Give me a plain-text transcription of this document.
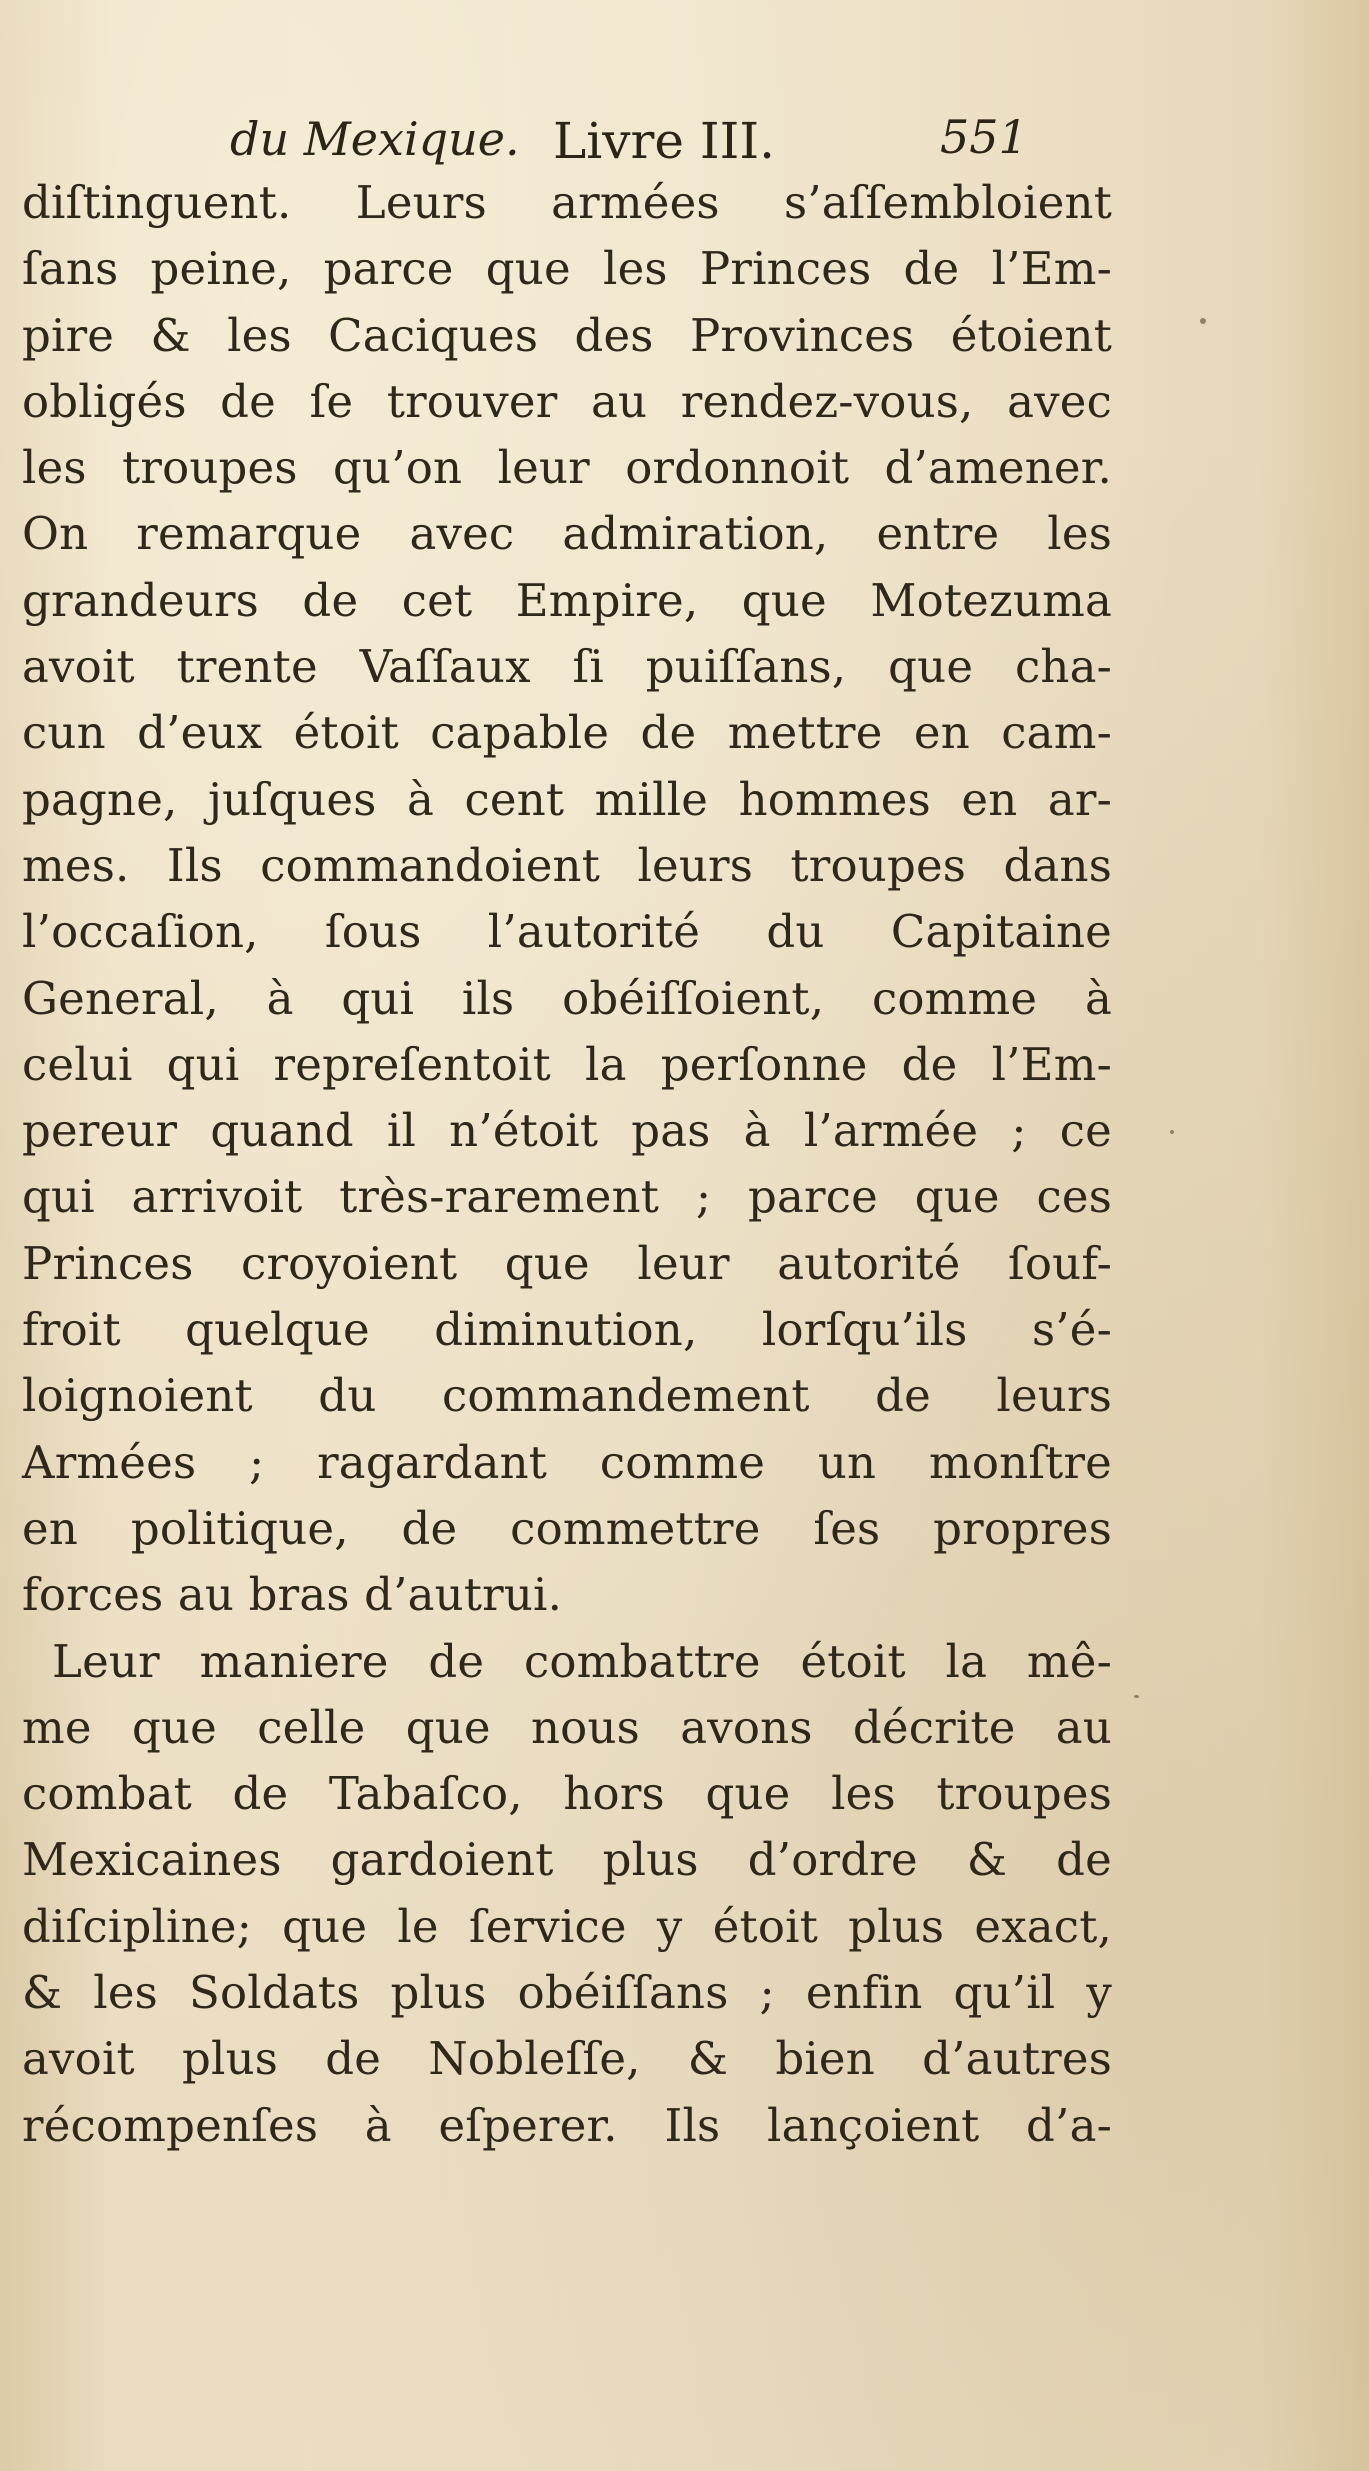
du Mexique. Livre III.	551
diſtinguent. Leurs armées s’aſſembloient
ſans peine, parce que les Princes de l’Em-
pire & les Caciques des Provinces étoient
obligés de ſe trouver au rendez-vous, avec
les troupes qu’on leur ordonnoit d’amener.
On remarque avec admiration, entre les
grandeurs de cet Empire, que Motezuma
avoit trente Vaſſaux ſi puiſſans, que cha-
cun d’eux étoit capable de mettre en cam-
pagne, juſques à cent mille hommes en ar-
mes. Ils commandoient leurs troupes dans
l’occaſion, ſous l’autorité du Capitaine
General, à qui ils obéiſſoient, comme à
celui qui repreſentoit la perſonne de l’Em-
pereur quand il n’étoit pas à l’armée ; ce
qui arrivoit très-rarement ; parce que ces
Princes croyoient que leur autorité ſouf-
froit quelque diminution, lorſqu’ils s’é-
loignoient du commandement de leurs
Armées ; ragardant comme un monſtre
en politique, de commettre ſes propres
forces au bras d’autrui.
Leur maniere de combattre étoit la mê-
me que celle que nous avons décrite au
combat de Tabaſco, hors que les troupes
Mexicaines gardoient plus d’ordre & de
diſcipline; que le ſervice y étoit plus exact,
& les Soldats plus obéiſſans ; enfin qu’il y
avoit plus de Nobleſſe, & bien d’autres
récompenſes à eſperer. Ils lançoient d’a-
